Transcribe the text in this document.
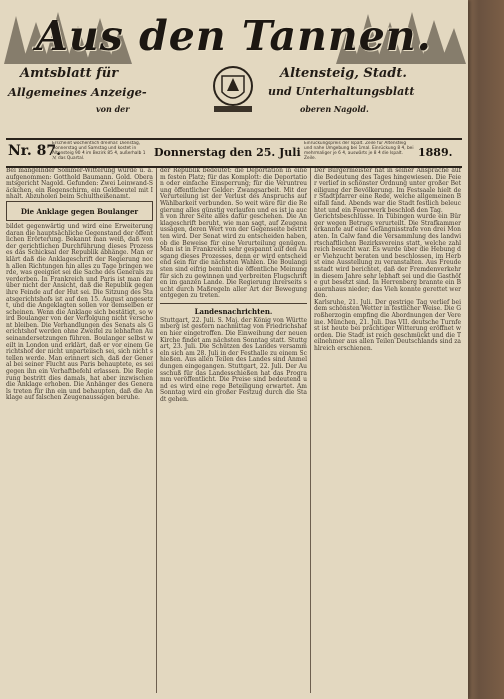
Aus den Tannen.
Amtsblatt für	Altensteig, Stadt.
Allgemeines Anzeige-	und Unterhaltungsblatt
von der	oberen Nagold.
Nr. 87.
Erscheint wöchentlich dreimal: Dienstag, Donnerstag und Samstag und kostet in Altensteig 90 ₰ im Bezirk 85 ₰, außerhalb 1 ℳ das Quartal.	Donnerstag den 25. Juli
Einrückungspreis der Ispalt. Zeile für Altensteig und nahe Umgebung bei 1mal. Einrückung 8 ₰, bei mehrmaliger je 6 ₰, auswärts je 8 ₰ die Ispalt. Zeile.	1889.

Bei mangelnder Sommer-Witterung wurde u. a. aufgenommen: Gotthold Baumann. Gold. Oberamtsgericht Nagold. Gefunden: Zwei Leinwand-Säckchen, ein Regenschirm, ein Geldbeutel mit Inhalt. Abzuholen beim Schultheißenamt.

Die Anklage gegen Boulanger

bildet gegenwärtig und wird eine Erweiterung daran die hauptsächliche Gegenstand der öffentlichen Erörterung. Bekannt man weiß, daß von der gerichtlichen Durchführung dieses Prozesses das Schicksal der Republik abhänge. Man erklärt daß die Anklageschrift der Regierung noch allen Richtungen hin alles zu Tage bringen werde, was geeignet sei die Sache des Generals zu verderben. In Frankreich und Paris ist man darüber nicht der Ansicht, daß die Republik gegen ihre Feinde auf der Hut sei. Die Sitzung des Staatsgerichtshofs ist auf den 15. August angesetzt, und die Angeklagten sollen vor demselben erscheinen. Wenn die Anklage sich bestätigt, so wird Boulanger von der Verfolgung nicht verschont bleiben. Die Verhandlungen des Senats als Gerichtshof werden ohne Zweifel zu lebhaften Auseinandersetzungen führen. Boulanger selbst weilt in London und erklärt, daß er vor einem Gerichtshof der nicht unparteiisch sei, sich nicht stellen werde. Man erinnert sich, daß der General bei seiner Flucht aus Paris behauptete, es sei gegen ihn ein Verhaftbefehl erlassen. Die Regierung bestritt dies damals, hat aber inzwischen die Anklage erhoben. Die Anhänger des Generals treten für ihn ein und behaupten, daß die Anklage auf falschen Zeugenaussagen beruhe.

der Republik bedeutet: die Deportation in einem festen Platz; für das Komplott: die Deportation oder einfache Einsperrung; für die Veruntreuung öffentlicher Gelder: Zwangsarbeit. Mit der Verurteilung ist der Verlust des Anspruchs auf Wählbarkeit verbunden. So weit wäre für die Regierung alles günstig verlaufen und es ist ja auch von ihrer Seite alles dafür geschehen. Die Anklageschrift beruht, wie man sagt, auf Zeugenaussagen, deren Wert von der Gegenseite bestritten wird. Der Senat wird zu entscheiden haben, ob die Beweise für eine Verurteilung genügen. Man ist in Frankreich sehr gespannt auf den Ausgang dieses Prozesses, denn er wird entscheidend sein für die nächsten Wahlen. Die Boulangisten sind eifrig bemüht die öffentliche Meinung für sich zu gewinnen und verbreiten Flugschriften im ganzen Lande. Die Regierung ihrerseits sucht durch Maßregeln aller Art der Bewegung entgegen zu treten.

Landesnachrichten.

Stuttgart, 22. Juli. S. Maj. der König von Württemberg ist gestern nachmittag von Friedrichshafen hier eingetroffen. Die Einweihung der neuen Kirche findet am nächsten Sonntag statt. Stuttgart, 23. Juli. Die Schützen des Landes versammeln sich am 28. Juli in der Festhalle zu einem Schießen. Aus allen Teilen des Landes sind Anmeldungen eingegangen. Stuttgart, 22. Juli. Der Ausschuß für das Landesschießen hat das Programm veröffentlicht. Die Preise sind bedeutend und es wird eine rege Beteiligung erwartet. Am Sonntag wird ein großer Festzug durch die Stadt gehen.

Der Bürgermeister hat in seiner Ansprache auf die Bedeutung des Tages hingewiesen. Die Feier verlief in schönster Ordnung unter großer Beteiligung der Bevölkerung. Im Festsaale hielt der Stadtpfarrer eine Rede, welche allgemeinen Beifall fand. Abends war die Stadt festlich beleuchtet und ein Feuerwerk beschloß den Tag.

Gerichtsbeschlüsse. In Tübingen wurde ein Bürger wegen Betrugs verurteilt. Die Strafkammer erkannte auf eine Gefängnisstrafe von drei Monaten. In Calw fand die Versammlung des landwirtschaftlichen Bezirksvereins statt, welche zahlreich besucht war. Es wurde über die Hebung der Viehzucht beraten und beschlossen, im Herbst eine Ausstellung zu veranstalten. Aus Freudenstadt wird berichtet, daß der Fremdenverkehr in diesem Jahre sehr lebhaft sei und die Gasthöfe gut besetzt sind. In Herrenberg brannte ein Bauernhaus nieder; das Vieh konnte gerettet werden.

Karlsruhe, 21. Juli. Der gestrige Tag verlief bei dem schönsten Wetter in festlicher Weise. Die Großherzogin empfing die Abordnungen der Vereine. München, 21. Juli. Das VII. deutsche Turnfest ist heute bei prächtiger Witterung eröffnet worden. Die Stadt ist reich geschmückt und die Teilnehmer aus allen Teilen Deutschlands sind zahlreich erschienen.
